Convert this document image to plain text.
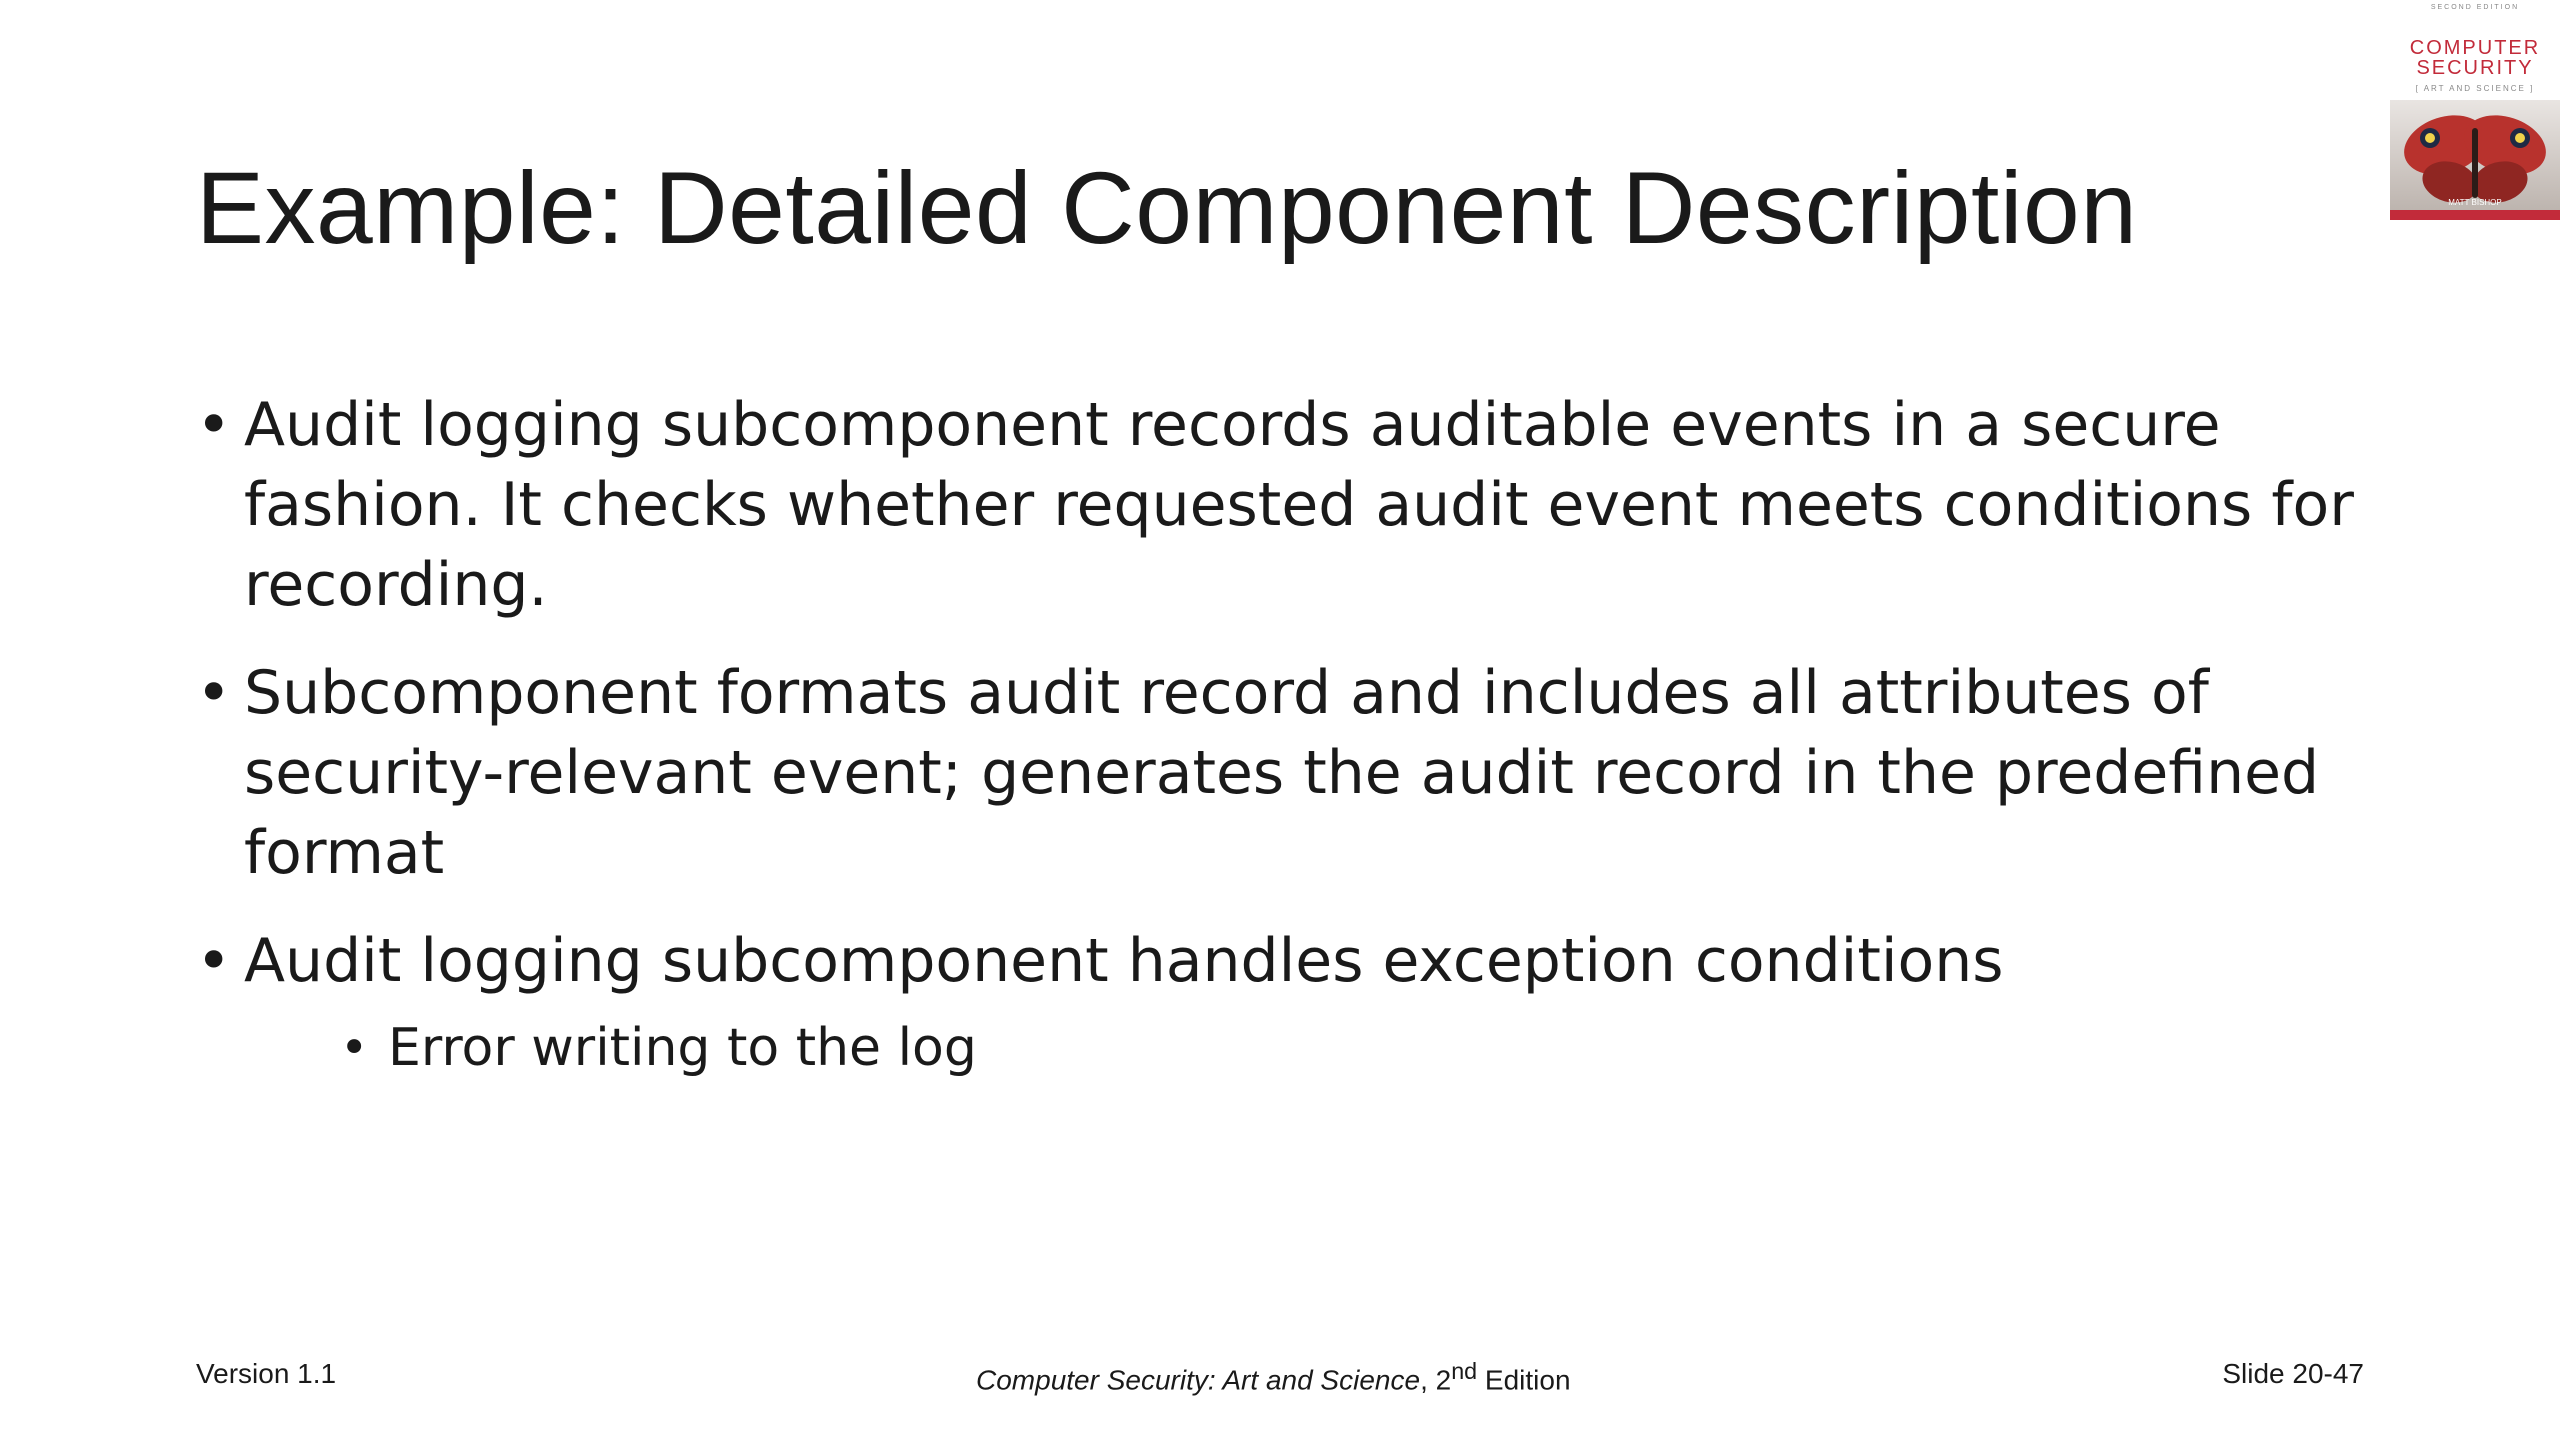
Example: Detailed Component Description
• Audit logging subcomponent records auditable events in a secure fashion. It checks whether requested audit event meets conditions for recording.
• Subcomponent formats audit record and includes all attributes of security-relevant event; generates the audit record in the predefined format
• Audit logging subcomponent handles exception conditions
• Error writing to the log
SECOND EDITION
COMPUTER
SECURITY
[ ART AND SCIENCE ]
MATT BISHOP
Version 1.1	Computer Security: Art and Science, 2nd Edition	Slide 20-47
